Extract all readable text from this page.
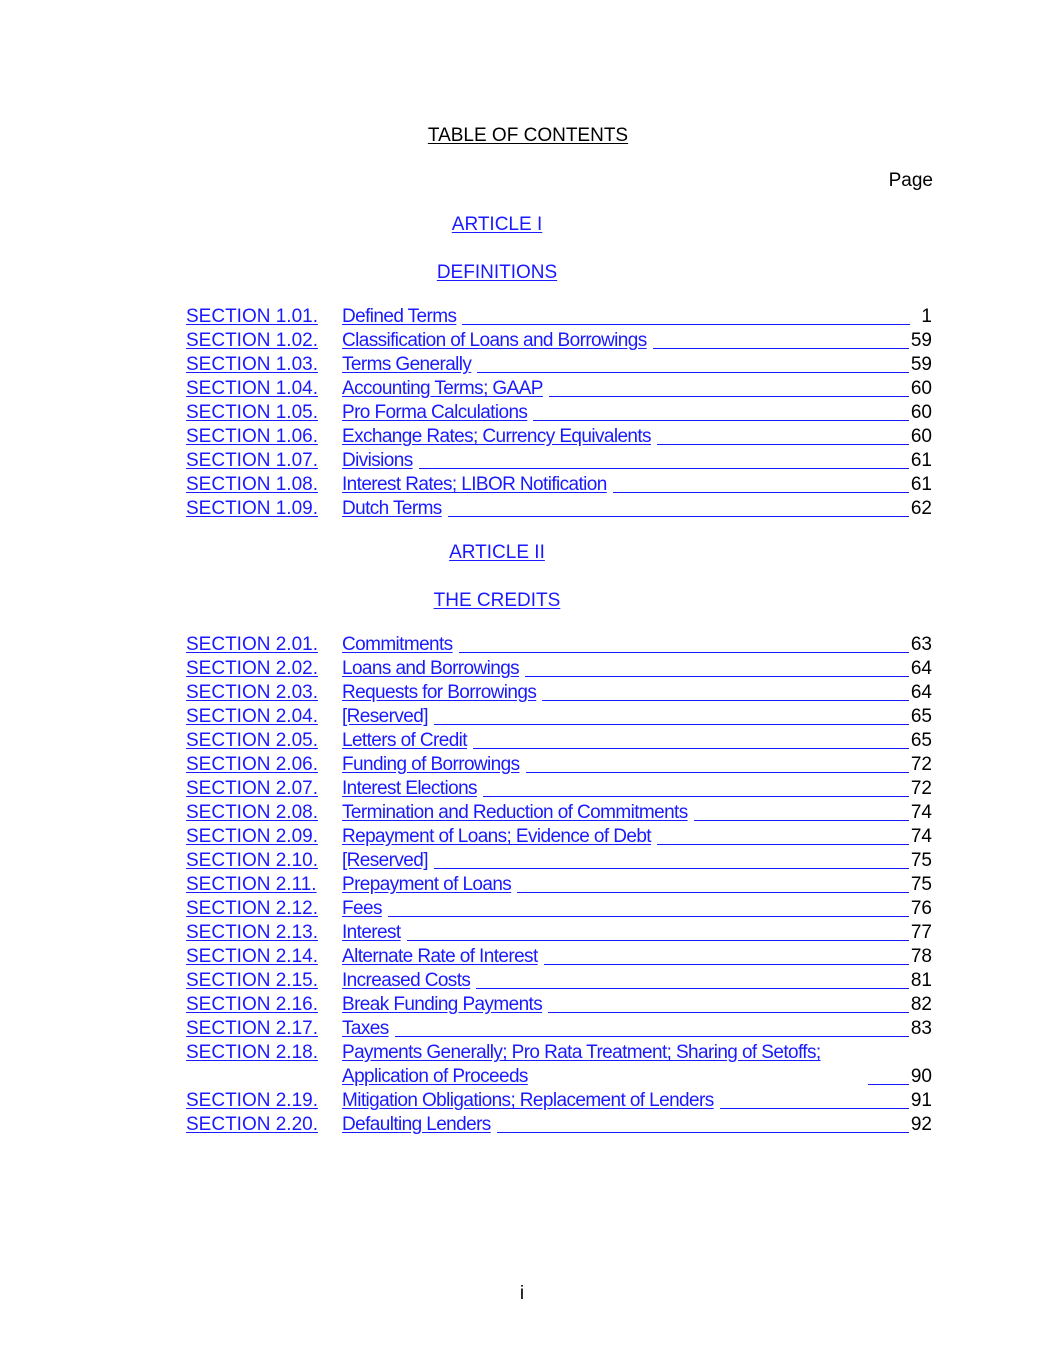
TABLE OF CONTENTS
Page
ARTICLE I
DEFINITIONS
SECTION 1.01.	Defined Terms	1
SECTION 1.02.	Classification of Loans and Borrowings	59
SECTION 1.03.	Terms Generally	59
SECTION 1.04.	Accounting Terms; GAAP	60
SECTION 1.05.	Pro Forma Calculations	60
SECTION 1.06.	Exchange Rates; Currency Equivalents	60
SECTION 1.07.	Divisions	61
SECTION 1.08.	Interest Rates; LIBOR Notification	61
SECTION 1.09.	Dutch Terms	62
ARTICLE II
THE CREDITS
SECTION 2.01.	Commitments	63
SECTION 2.02.	Loans and Borrowings	64
SECTION 2.03.	Requests for Borrowings	64
SECTION 2.04.	[Reserved]	65
SECTION 2.05.	Letters of Credit	65
SECTION 2.06.	Funding of Borrowings	72
SECTION 2.07.	Interest Elections	72
SECTION 2.08.	Termination and Reduction of Commitments	74
SECTION 2.09.	Repayment of Loans; Evidence of Debt	74
SECTION 2.10.	[Reserved]	75
SECTION 2.11.	Prepayment of Loans	75
SECTION 2.12.	Fees	76
SECTION 2.13.	Interest	77
SECTION 2.14.	Alternate Rate of Interest	78
SECTION 2.15.	Increased Costs	81
SECTION 2.16.	Break Funding Payments	82
SECTION 2.17.	Taxes	83
SECTION 2.18.	Payments Generally; Pro Rata Treatment; Sharing of Setoffs; Application of Proceeds	90
SECTION 2.19.	Mitigation Obligations; Replacement of Lenders	91
SECTION 2.20.	Defaulting Lenders	92
i
